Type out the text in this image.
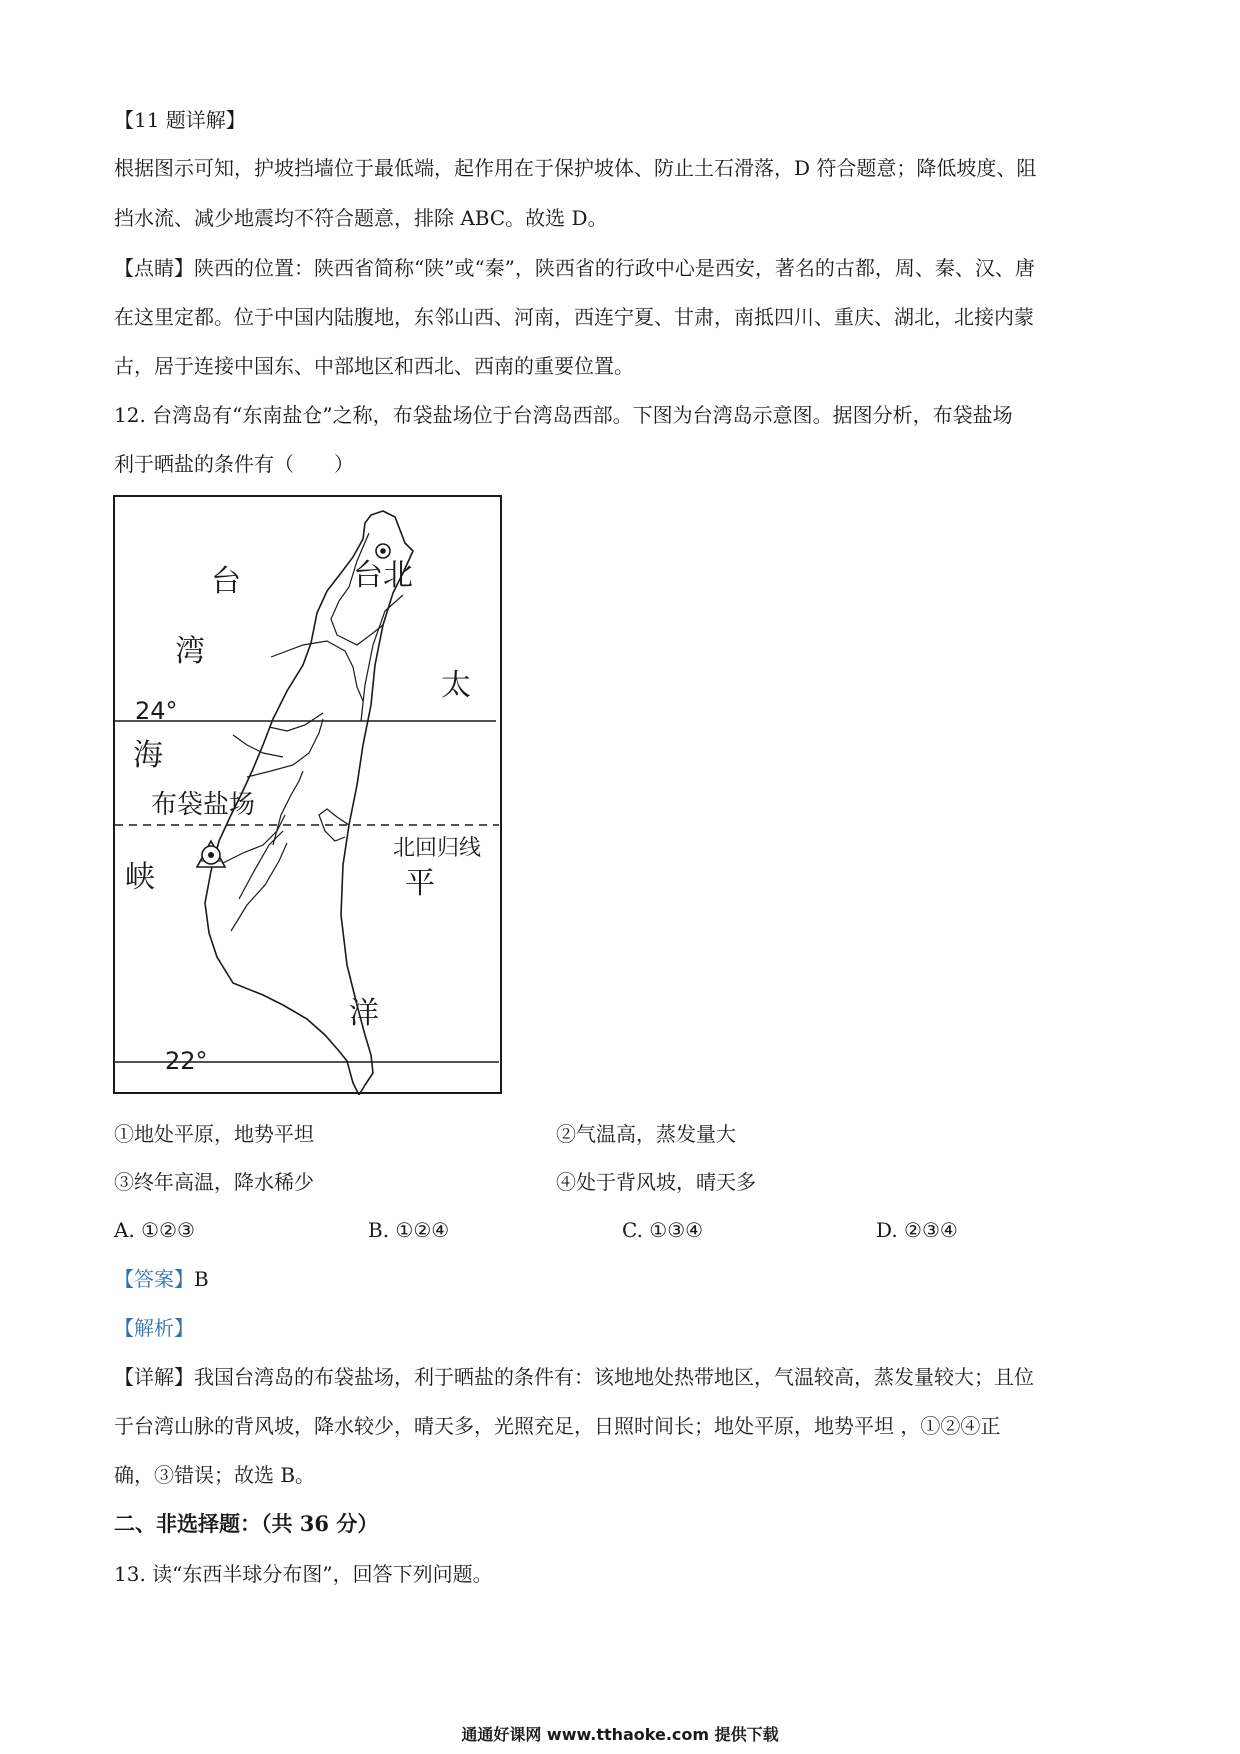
【11 题详解】
根据图示可知，护坡挡墙位于最低端，起作用在于保护坡体、防止土石滑落，D 符合题意；降低坡度、阻
挡水流、减少地震均不符合题意，排除 ABC。故选 D。
【点睛】陕西的位置：陕西省简称“陕”或“秦”，陕西省的行政中心是西安，著名的古都，周、秦、汉、唐
在这里定都。位于中国内陆腹地，东邻山西、河南，西连宁夏、甘肃，南抵四川、重庆、湖北，北接内蒙
古，居于连接中国东、中部地区和西北、西南的重要位置。
12. 台湾岛有“东南盐仓”之称，布袋盐场位于台湾岛西部。下图为台湾岛示意图。据图分析，布袋盐场
利于晒盐的条件有（　　）
台	台北
湾
太
24°
海
布袋盐场
北回归线
峡	平
洋
22°
①地处平原，地势平坦	②气温高，蒸发量大
③终年高温，降水稀少	④处于背风坡，晴天多
A. ①②③	B. ①②④	C. ①③④	D. ②③④
【答案】B
【解析】
【详解】我国台湾岛的布袋盐场，利于晒盐的条件有：该地地处热带地区，气温较高，蒸发量较大；且位
于台湾山脉的背风坡，降水较少，晴天多，光照充足，日照时间长；地处平原，地势平坦 ，①②④正
确，③错误；故选 B。
二、非选择题：（共 36 分）
13. 读“东西半球分布图”，回答下列问题。
通通好课网 www.tthaoke.com 提供下载
